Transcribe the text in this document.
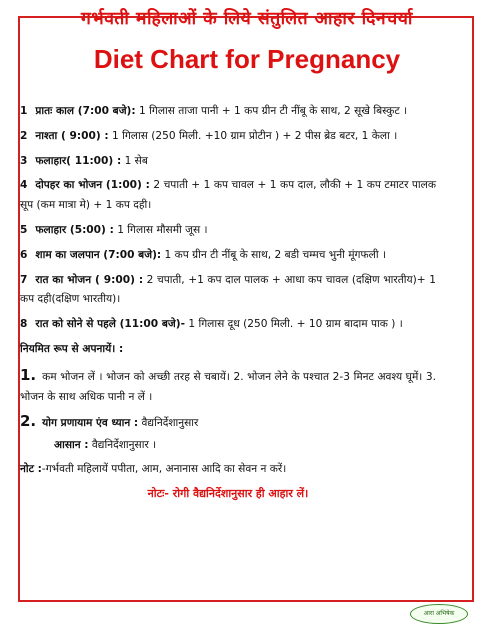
गर्भवती महिलाओं के लिये संतुलित आहार दिनचर्या
Diet Chart for Pregnancy
1 प्रातः काल (7:00 बजे): 1 गिलास ताजा पानी + 1 कप ग्रीन टी नींबू के साथ, 2 सूखे बिस्कुट ।
2 नाश्ता ( 9:00) : 1 गिलास (250 मिली. +10 ग्राम प्रोटीन ) + 2 पीस ब्रेड बटर, 1 केला ।
3 फलाहार( 11:00) : 1 सेब
4 दोपहर का भोजन (1:00) : 2 चपाती + 1 कप चावल + 1 कप दाल, लौकी + 1 कप टमाटर पालक सूप (कम मात्रा मे) + 1 कप दही।
5 फलाहार (5:00) : 1 गिलास मौसमी जूस ।
6 शाम का जलपान (7:00 बजे): 1 कप ग्रीन टी नींबू के साथ, 2 बडी चम्मच भुनी मूंगफली ।
7 रात का भोजन ( 9:00) : 2 चपाती, +1 कप दाल पालक + आधा कप चावल (दक्षिण भारतीय)+ 1 कप दही(दक्षिण भारतीय)।
8 रात को सोने से पहले (11:00 बजे)- 1 गिलास दूध (250 मिली. + 10 ग्राम बादाम पाक ) ।
नियमित रूप से अपनायें। :
1. कम भोजन लें । भोजन को अच्छी तरह से चबायें। 2. भोजन लेने के पश्चात 2-3 मिनट अवश्य घूमें। 3. भोजन के साथ अधिक पानी न लें ।
2. योग प्रणायाम एंव ध्यान : वैद्यनिर्देशानुसार
आसान : वैद्यनिर्देशानुसार ।
नोट :-गर्भवती महिलायें पपीता, आम, अनानास आदि का सेवन न करें।
नोटः- रोगी वैद्यनिर्देशानुसार ही आहार लें।
आरा अभिषेक
